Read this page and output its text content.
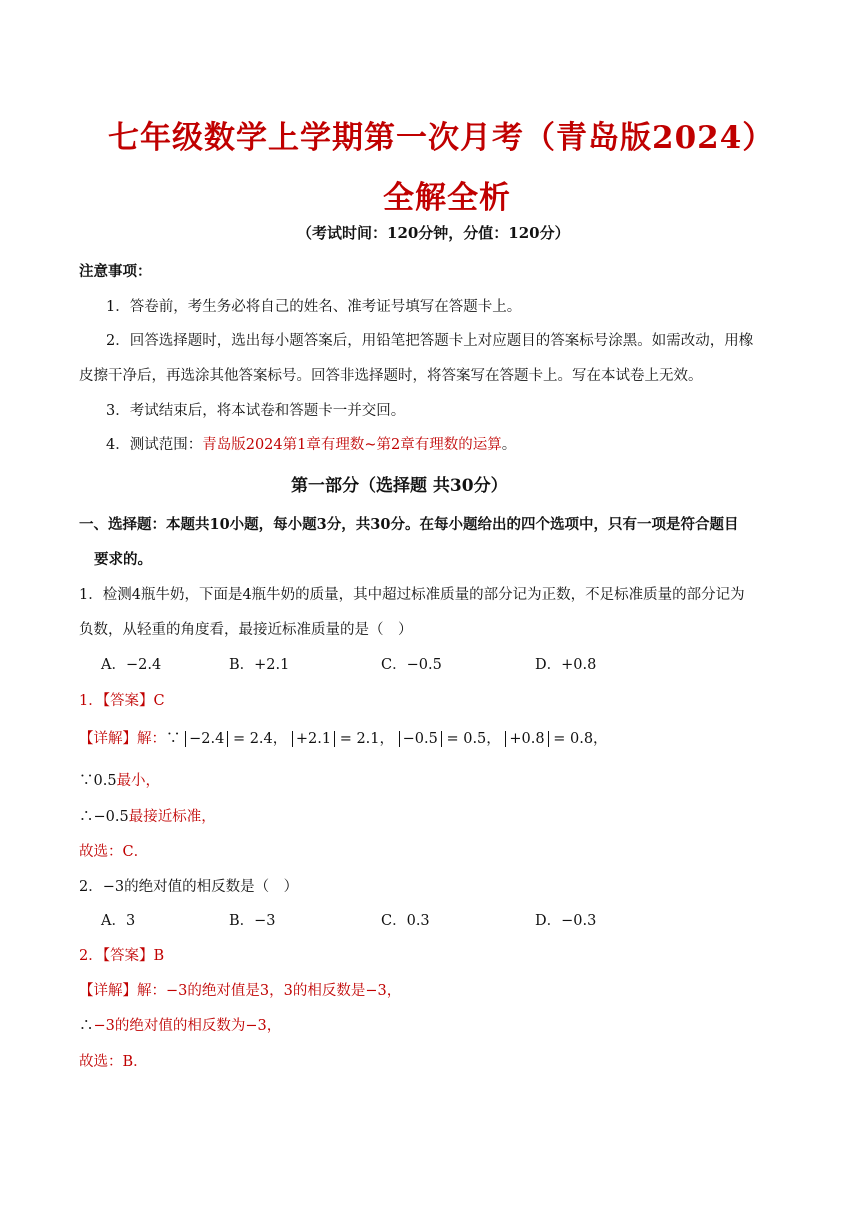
七年级数学上学期第一次月考（青岛版2024）
全解全析
（考试时间：120分钟，分值：120分）
注意事项：
1．答卷前，考生务必将自己的姓名、准考证号填写在答题卡上。
2．回答选择题时，选出每小题答案后，用铅笔把答题卡上对应题目的答案标号涂黑。如需改动，用橡
皮擦干净后，再选涂其他答案标号。回答非选择题时，将答案写在答题卡上。写在本试卷上无效。
3．考试结束后，将本试卷和答题卡一并交回。
4．测试范围：青岛版2024第1章有理数~第2章有理数的运算。
第一部分（选择题 共30分）
一、选择题：本题共10小题，每小题3分，共30分。在每小题给出的四个选项中，只有一项是符合题目
要求的。
1．检测4瓶牛奶，下面是4瓶牛奶的质量，其中超过标准质量的部分记为正数，不足标准质量的部分记为
负数，从轻重的角度看，最接近标准质量的是（　）
A．−2.4	B．+2.1	C．−0.5	D．+0.8
1．【答案】C
【详解】解：∵ −2.4 = 2.4， +2.1 = 2.1， −0.5 = 0.5， +0.8 = 0.8，
∵0.5最小，
∴−0.5最接近标准，
故选：C．
2．−3的绝对值的相反数是（　）
A．3	B．−3	C．0.3	D．−0.3
2．【答案】B
【详解】解：−3的绝对值是3，3的相反数是−3，
∴−3的绝对值的相反数为−3，
故选：B．
